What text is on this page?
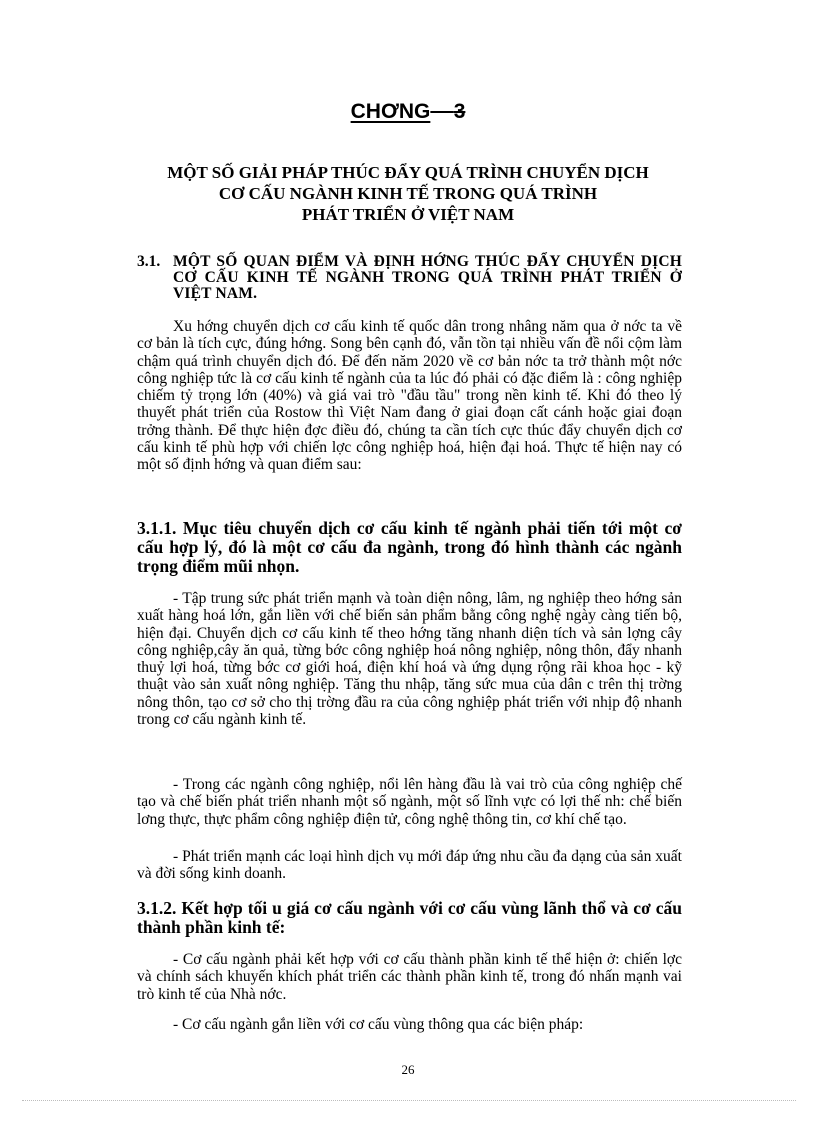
CHƠNG 3
MỘT SỐ GIẢI PHÁP THÚC ĐẨY QUÁ TRÌNH CHUYỂN DỊCH
CƠ CẤU NGÀNH KINH TẾ TRONG QUÁ TRÌNH
PHÁT TRIỂN Ở VIỆT NAM
3.1. MỘT SỐ QUAN ĐIỂM VÀ ĐỊNH HỚNG THÚC ĐẨY CHUYỂN DỊCH CƠ CẤU KINH TẾ NGÀNH TRONG QUÁ TRÌNH PHÁT TRIỂN Ở VIỆT NAM.

Xu hớng chuyển dịch cơ cấu kinh tế quốc dân trong nhâng năm qua ở nớc ta về cơ bản là tích cực, đúng hớng. Song bên cạnh đó, vẫn tồn tại nhiều vấn đề nổi cộm làm chậm quá trình chuyển dịch đó. Để đến năm 2020 về cơ bản nớc ta trở thành một nớc công nghiệp tức là cơ cấu kinh tế ngành của ta lúc đó phải có đặc điểm là : công nghiệp chiếm tỷ trọng lớn (40%) và giá vai trò "đầu tầu" trong nền kinh tế. Khi đó theo lý thuyết phát triển của Rostow thì Việt Nam đang ở giai đoạn cất cánh hoặc giai đoạn trởng thành. Để thực hiện đợc điều đó, chúng ta cần tích cực thúc đẩy chuyển dịch cơ cấu kinh tế phù hợp với chiến lợc công nghiệp hoá, hiện đại hoá. Thực tế hiện nay có một số định hớng và quan điểm sau:

3.1.1. Mục tiêu chuyển dịch cơ cấu kinh tế ngành phải tiến tới một cơ cấu hợp lý, đó là một cơ cấu đa ngành, trong đó hình thành các ngành trọng điểm mũi nhọn.

- Tập trung sức phát triển mạnh và toàn diện nông, lâm, ng nghiệp theo hớng sản xuất hàng hoá lớn, gắn liền với chế biến sản phẩm bằng công nghệ ngày càng tiến bộ, hiện đại. Chuyển dịch cơ cấu kinh tế theo hớng tăng nhanh diện tích và sản lợng cây công nghiệp,cây ăn quả, từng bớc công nghiệp hoá nông nghiệp, nông thôn, đẩy nhanh thuỷ lợi hoá, từng bớc cơ giới hoá, điện khí hoá và ứng dụng rộng rãi khoa học - kỹ thuật vào sản xuất nông nghiệp. Tăng thu nhập, tăng sức mua của dân c trên thị trờng nông thôn, tạo cơ sở cho thị trờng đầu ra của công nghiệp phát triển với nhịp độ nhanh trong cơ cấu ngành kinh tế.

- Trong các ngành công nghiệp, nổi lên hàng đầu là vai trò của công nghiệp chế tạo và chế biến phát triển nhanh một số ngành, một số lĩnh vực có lợi thế nh: chế biến lơng thực, thực phẩm công nghiệp điện tử, công nghệ thông tin, cơ khí chế tạo.

- Phát triển mạnh các loại hình dịch vụ mới đáp ứng nhu cầu đa dạng của sản xuất và đời sống kinh doanh.

3.1.2. Kết hợp tối u giá cơ cấu ngành với cơ cấu vùng lãnh thổ và cơ cấu thành phần kinh tế:

- Cơ cấu ngành phải kết hợp với cơ cấu thành phần kinh tế thể hiện ở: chiến lợc và chính sách khuyến khích phát triển các thành phần kinh tế, trong đó nhấn mạnh vai trò kinh tế của Nhà nớc.

- Cơ cấu ngành gắn liền với cơ cấu vùng thông qua các biện pháp:

26
